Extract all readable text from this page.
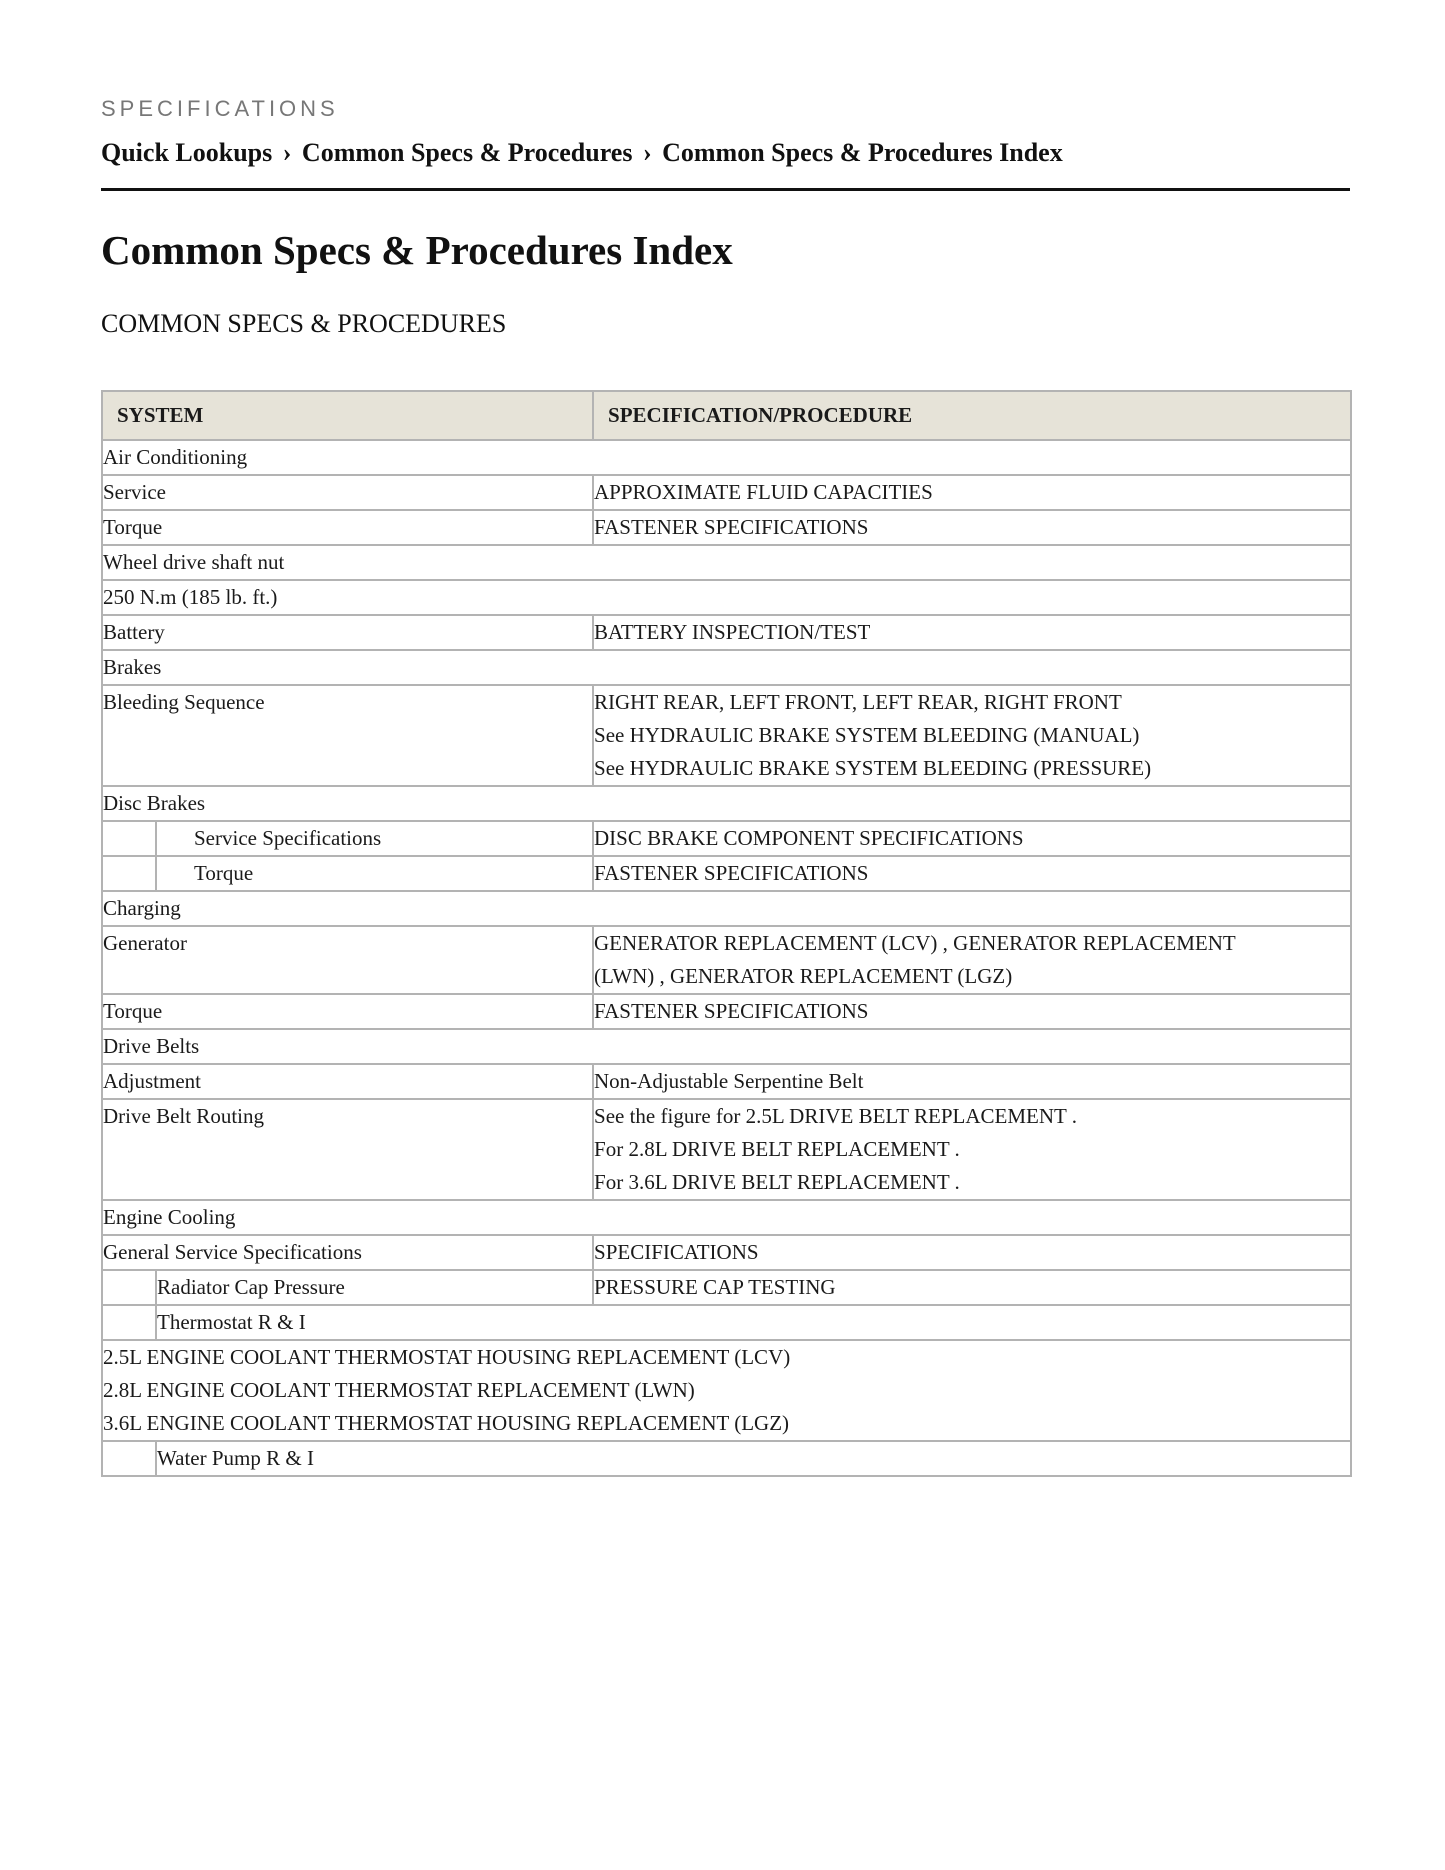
SPECIFICATIONS
Quick Lookups › Common Specs & Procedures › Common Specs & Procedures Index
Common Specs & Procedures Index
COMMON SPECS & PROCEDURES
SYSTEM		SPECIFICATION/PROCEDURE
Air Conditioning		
Service		APPROXIMATE FLUID CAPACITIES
Torque		FASTENER SPECIFICATIONS
Wheel drive shaft nut		
250 N.m (185 lb. ft.)		
Battery		BATTERY INSPECTION/TEST
Brakes		
Bleeding Sequence		RIGHT REAR, LEFT FRONT, LEFT REAR, RIGHT FRONT
See HYDRAULIC BRAKE SYSTEM BLEEDING (MANUAL)
See HYDRAULIC BRAKE SYSTEM BLEEDING (PRESSURE)

Disc Brakes		
	Service Specifications	DISC BRAKE COMPONENT SPECIFICATIONS
	Torque	FASTENER SPECIFICATIONS
Charging		
Generator		GENERATOR REPLACEMENT (LCV) , GENERATOR REPLACEMENT
(LWN) , GENERATOR REPLACEMENT (LGZ)

Torque		FASTENER SPECIFICATIONS
Drive Belts		
Adjustment		Non-Adjustable Serpentine Belt
Drive Belt Routing		See the figure for 2.5L DRIVE BELT REPLACEMENT .
For 2.8L DRIVE BELT REPLACEMENT .
For 3.6L DRIVE BELT REPLACEMENT .

Engine Cooling		
General Service Specifications		SPECIFICATIONS
	Radiator Cap Pressure	PRESSURE CAP TESTING
	Thermostat R & I	

2.5L ENGINE COOLANT THERMOSTAT HOUSING REPLACEMENT (LCV)
2.8L ENGINE COOLANT THERMOSTAT REPLACEMENT (LWN)
3.6L ENGINE COOLANT THERMOSTAT HOUSING REPLACEMENT (LGZ)		

	Water Pump R & I	
